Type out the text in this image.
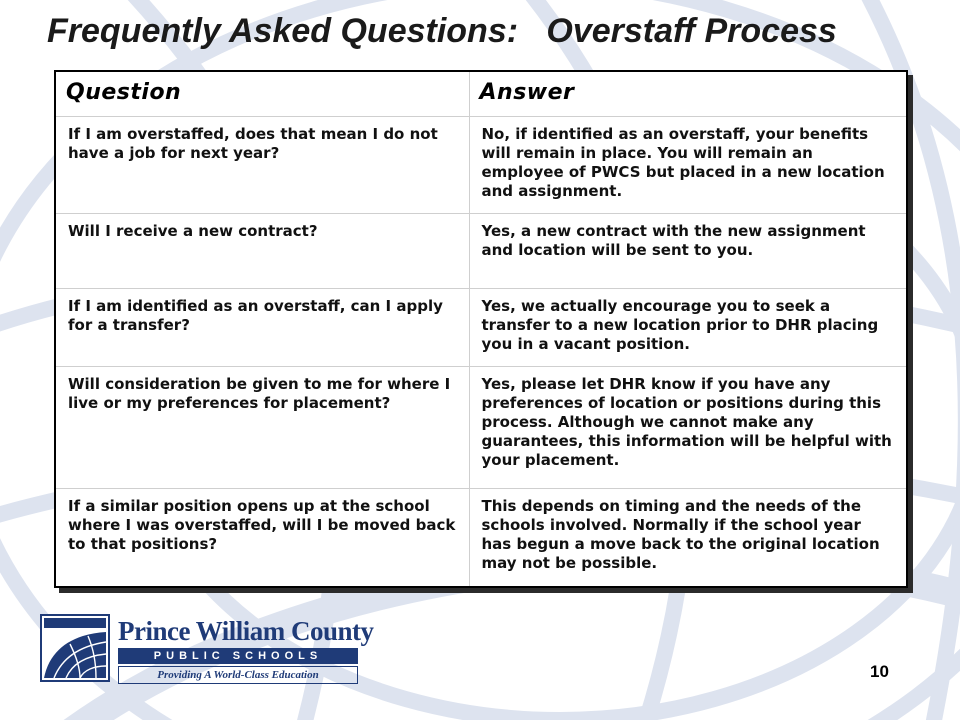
Frequently Asked Questions:   Overstaff Process
Question	Answer
If I am overstaffed, does that mean I do not have a job for next year?	No, if identified as an overstaff, your benefits will remain in place. You will remain an employee of PWCS but placed in a new location and assignment.
Will I receive a new contract?	Yes, a new contract with the new assignment and location will be sent to you.
If I am identified as an overstaff, can I apply for a transfer?	Yes, we actually encourage you to seek a transfer to a new location prior to DHR placing you in a vacant position.
Will consideration be given to me for where I live or my preferences for placement?	Yes, please let DHR know if you have any preferences of location or positions during this process. Although we cannot make any guarantees, this information will be helpful with your placement.
If a similar position opens up at the school where I was overstaffed, will I be moved back to that positions?	This depends on timing and the needs of the schools involved. Normally if the school year has begun a move back to the original location may not be possible.
Prince William County
PUBLIC SCHOOLS
Providing A World-Class Education	10
